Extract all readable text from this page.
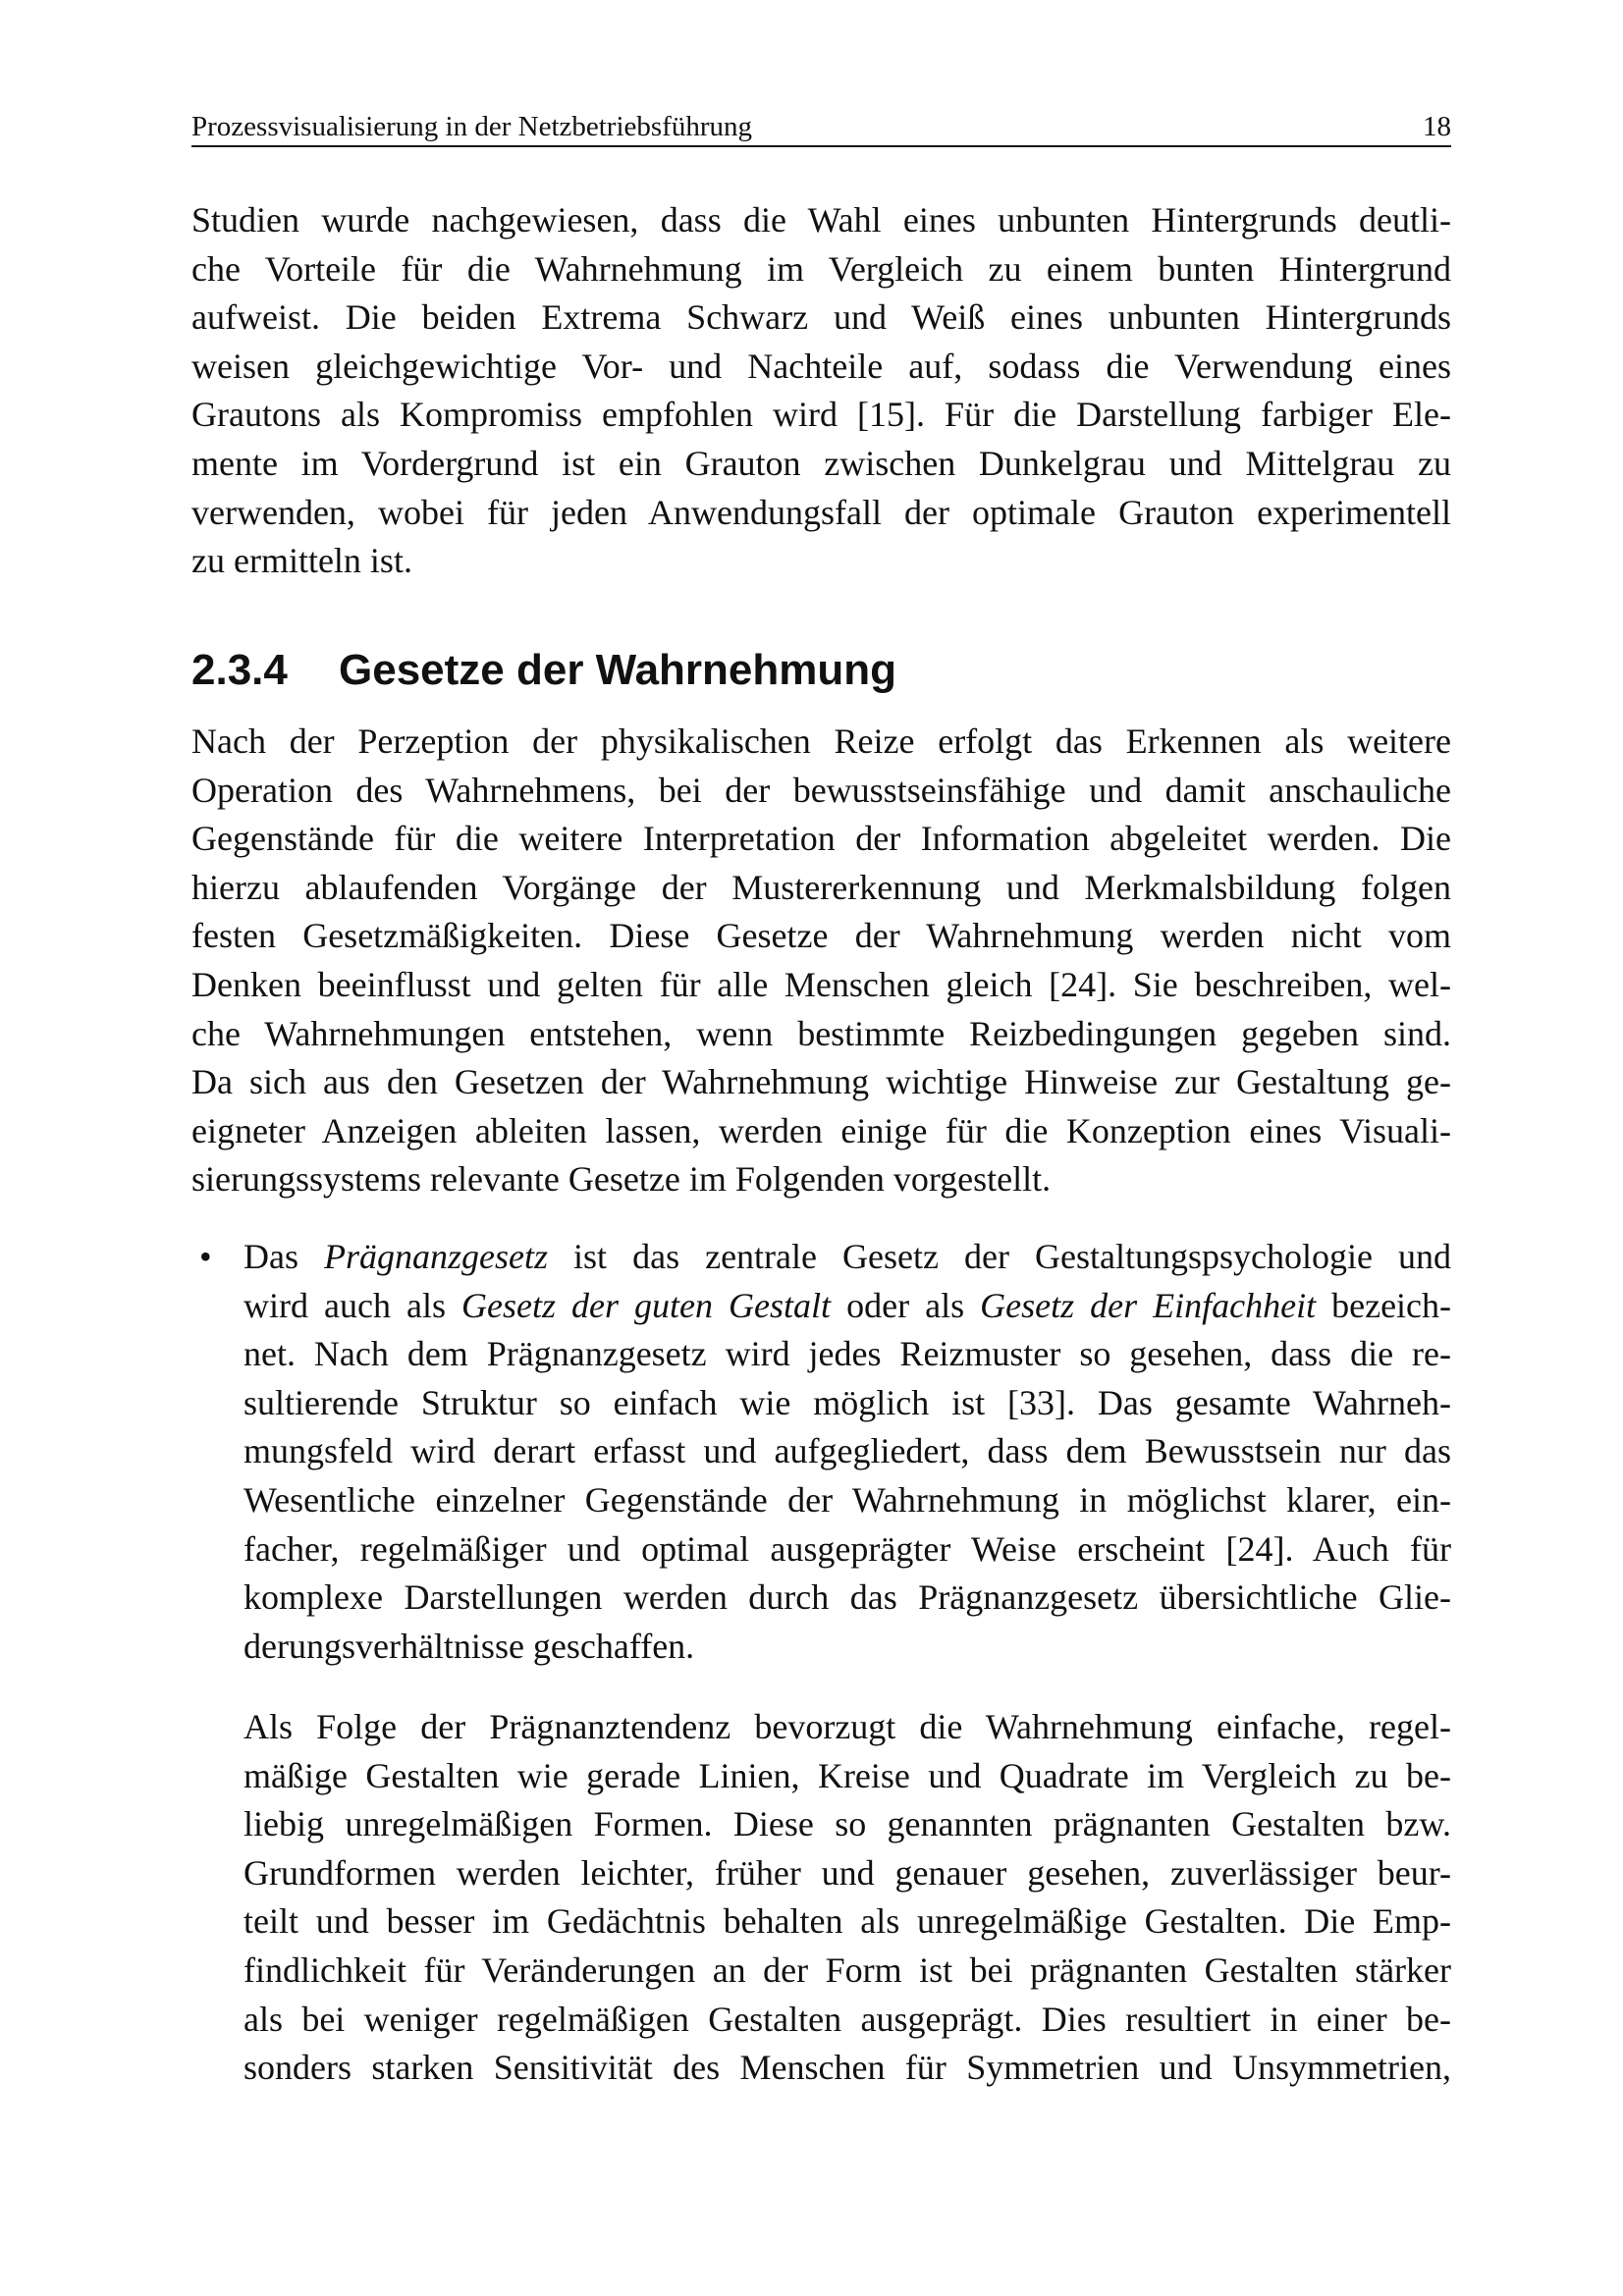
Prozessvisualisierung in der Netzbetriebsführung	18
Studien wurde nachgewiesen, dass die Wahl eines unbunten Hintergrunds deutli-
che Vorteile für die Wahrnehmung im Vergleich zu einem bunten Hintergrund
aufweist. Die beiden Extrema Schwarz und Weiß eines unbunten Hintergrunds
weisen gleichgewichtige Vor- und Nachteile auf, sodass die Verwendung eines
Grautons als Kompromiss empfohlen wird [15]. Für die Darstellung farbiger Ele-
mente im Vordergrund ist ein Grauton zwischen Dunkelgrau und Mittelgrau zu
verwenden, wobei für jeden Anwendungsfall der optimale Grauton experimentell
zu ermitteln ist.
2.3.4 Gesetze der Wahrnehmung
Nach der Perzeption der physikalischen Reize erfolgt das Erkennen als weitere
Operation des Wahrnehmens, bei der bewusstseinsfähige und damit anschauliche
Gegenstände für die weitere Interpretation der Information abgeleitet werden. Die
hierzu ablaufenden Vorgänge der Mustererkennung und Merkmalsbildung folgen
festen Gesetzmäßigkeiten. Diese Gesetze der Wahrnehmung werden nicht vom
Denken beeinflusst und gelten für alle Menschen gleich [24]. Sie beschreiben, wel-
che Wahrnehmungen entstehen, wenn bestimmte Reizbedingungen gegeben sind.
Da sich aus den Gesetzen der Wahrnehmung wichtige Hinweise zur Gestaltung ge-
eigneter Anzeigen ableiten lassen, werden einige für die Konzeption eines Visuali-
sierungssystems relevante Gesetze im Folgenden vorgestellt.
• Das Prägnanzgesetz ist das zentrale Gesetz der Gestaltungspsychologie und
wird auch als Gesetz der guten Gestalt oder als Gesetz der Einfachheit bezeich-
net. Nach dem Prägnanzgesetz wird jedes Reizmuster so gesehen, dass die re-
sultierende Struktur so einfach wie möglich ist [33]. Das gesamte Wahrneh-
mungsfeld wird derart erfasst und aufgegliedert, dass dem Bewusstsein nur das
Wesentliche einzelner Gegenstände der Wahrnehmung in möglichst klarer, ein-
facher, regelmäßiger und optimal ausgeprägter Weise erscheint [24]. Auch für
komplexe Darstellungen werden durch das Prägnanzgesetz übersichtliche Glie-
derungsverhältnisse geschaffen.
Als Folge der Prägnanztendenz bevorzugt die Wahrnehmung einfache, regel-
mäßige Gestalten wie gerade Linien, Kreise und Quadrate im Vergleich zu be-
liebig unregelmäßigen Formen. Diese so genannten prägnanten Gestalten bzw.
Grundformen werden leichter, früher und genauer gesehen, zuverlässiger beur-
teilt und besser im Gedächtnis behalten als unregelmäßige Gestalten. Die Emp-
findlichkeit für Veränderungen an der Form ist bei prägnanten Gestalten stärker
als bei weniger regelmäßigen Gestalten ausgeprägt. Dies resultiert in einer be-
sonders starken Sensitivität des Menschen für Symmetrien und Unsymmetrien,
